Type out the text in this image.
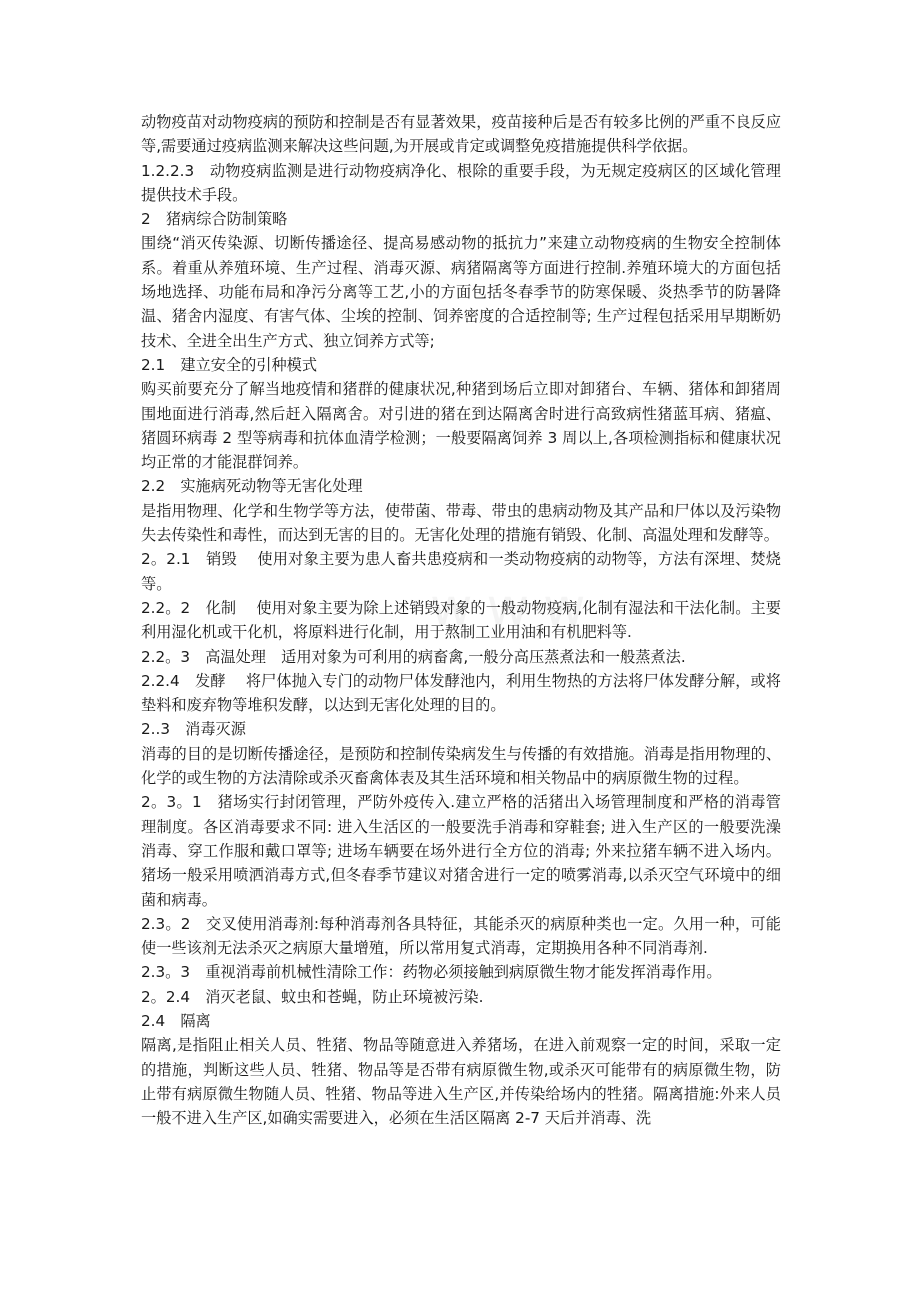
动物疫苗对动物疫病的预防和控制是否有显著效果，疫苗接种后是否有较多比例的严重不良反应等,需要通过疫病监测来解决这些问题,为开展或肯定或调整免疫措施提供科学依据。

1.2.2.3　动物疫病监测是进行动物疫病净化、根除的重要手段，为无规定疫病区的区域化管理提供技术手段。

2　猪病综合防制策略

围绕“消灭传染源、切断传播途径、提高易感动物的抵抗力”来建立动物疫病的生物安全控制体系。着重从养殖环境、生产过程、消毒灭源、病猪隔离等方面进行控制.养殖环境大的方面包括场地选择、功能布局和净污分离等工艺,小的方面包括冬春季节的防寒保暖、炎热季节的防暑降温、猪舍内湿度、有害气体、尘埃的控制、饲养密度的合适控制等; 生产过程包括采用早期断奶技术、全进全出生产方式、独立饲养方式等;

2.1　建立安全的引种模式

购买前要充分了解当地疫情和猪群的健康状况,种猪到场后立即对卸猪台、车辆、猪体和卸猪周围地面进行消毒,然后赶入隔离舍。对引进的猪在到达隔离舍时进行高致病性猪蓝耳病、猪瘟、猪圆环病毒 2 型等病毒和抗体血清学检测；一般要隔离饲养 3 周以上,各项检测指标和健康状况均正常的才能混群饲养。

2.2　实施病死动物等无害化处理

是指用物理、化学和生物学等方法，使带菌、带毒、带虫的患病动物及其产品和尸体以及污染物失去传染性和毒性，而达到无害的目的。无害化处理的措施有销毁、化制、高温处理和发酵等。

2。2.1　销毁　 使用对象主要为患人畜共患疫病和一类动物疫病的动物等，方法有深埋、焚烧等。

2.2。2　化制　 使用对象主要为除上述销毁对象的一般动物疫病,化制有湿法和干法化制。主要利用湿化机或干化机，将原料进行化制，用于熬制工业用油和有机肥料等.

2.2。3　高温处理　适用对象为可利用的病畜禽,一般分高压蒸煮法和一般蒸煮法.

2.2.4　发酵　 将尸体抛入专门的动物尸体发酵池内，利用生物热的方法将尸体发酵分解，或将垫料和废弃物等堆积发酵，以达到无害化处理的目的。

2..3　消毒灭源

消毒的目的是切断传播途径，是预防和控制传染病发生与传播的有效措施。消毒是指用物理的、化学的或生物的方法清除或杀灭畜禽体表及其生活环境和相关物品中的病原微生物的过程。

2。3。1　猪场实行封闭管理，严防外疫传入.建立严格的活猪出入场管理制度和严格的消毒管理制度。各区消毒要求不同: 进入生活区的一般要洗手消毒和穿鞋套; 进入生产区的一般要洗澡消毒、穿工作服和戴口罩等; 进场车辆要在场外进行全方位的消毒; 外来拉猪车辆不进入场内。猪场一般采用喷洒消毒方式,但冬春季节建议对猪舍进行一定的喷雾消毒,以杀灭空气环境中的细菌和病毒。

2.3。2　交叉使用消毒剂:每种消毒剂各具特征，其能杀灭的病原种类也一定。久用一种，可能使一些该剂无法杀灭之病原大量增殖，所以常用复式消毒，定期换用各种不同消毒剂.

2.3。3　重视消毒前机械性清除工作：药物必须接触到病原微生物才能发挥消毒作用。

2。2.4　消灭老鼠、蚊虫和苍蝇，防止环境被污染.

2.4　隔离

隔离,是指阻止相关人员、牲猪、物品等随意进入养猪场，在进入前观察一定的时间，采取一定的措施，判断这些人员、牲猪、物品等是否带有病原微生物,或杀灭可能带有的病原微生物，防止带有病原微生物随人员、牲猪、物品等进入生产区,并传染给场内的牲猪。隔离措施:外来人员一般不进入生产区,如确实需要进入，必须在生活区隔离 2-7 天后并消毒、洗
